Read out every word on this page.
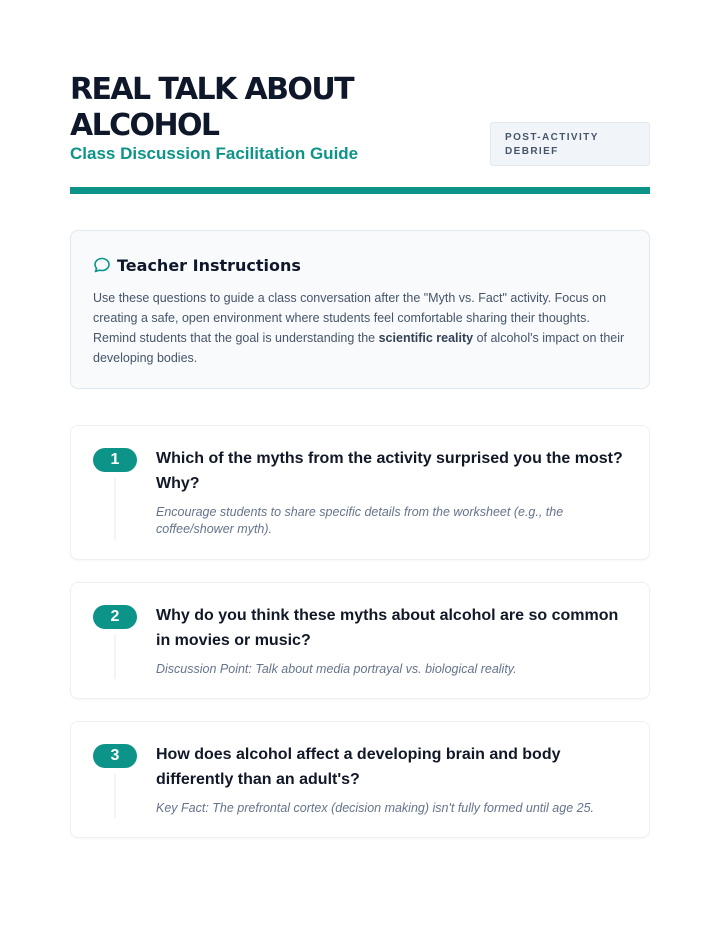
REAL TALK ABOUT ALCOHOL
Class Discussion Facilitation Guide
POST-ACTIVITY DEBRIEF
Teacher Instructions

Use these questions to guide a class conversation after the "Myth vs. Fact" activity. Focus on creating a safe, open environment where students feel comfortable sharing their thoughts. Remind students that the goal is understanding the scientific reality of alcohol's impact on their developing bodies.

1	Which of the myths from the activity surprised you the most? Why?
Encourage students to share specific details from the worksheet (e.g., the coffee/shower myth).
2	Why do you think these myths about alcohol are so common in movies or music?
Discussion Point: Talk about media portrayal vs. biological reality.
3	How does alcohol affect a developing brain and body differently than an adult's?
Key Fact: The prefrontal cortex (decision making) isn't fully formed until age 25.
